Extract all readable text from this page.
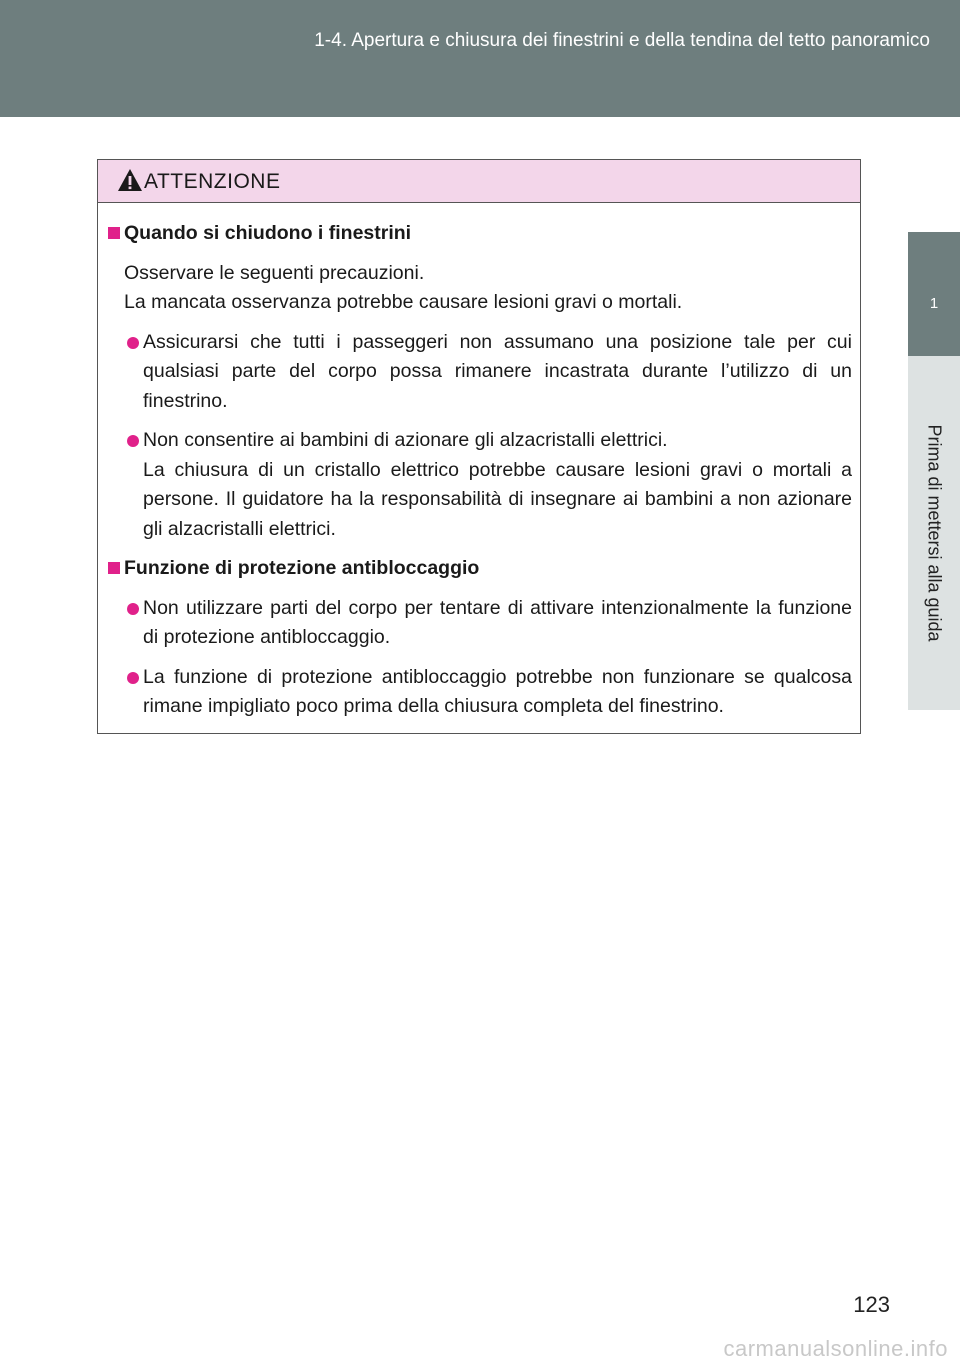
1-4. Apertura e chiusura dei finestrini e della tendina del tetto panoramico
1
Prima di mettersi alla guida
ATTENZIONE
Quando si chiudono i finestrini
Osservare le seguenti precauzioni.
La mancata osservanza potrebbe causare lesioni gravi o mortali.
Assicurarsi che tutti i passeggeri non assumano una posizione tale per cui qualsiasi parte del corpo possa rimanere incastrata durante l’utilizzo di un finestrino.
Non consentire ai bambini di azionare gli alzacristalli elettrici.
La chiusura di un cristallo elettrico potrebbe causare lesioni gravi o mortali a persone. Il guidatore ha la responsabilità di insegnare ai bambini a non azionare gli alzacristalli elettrici.
Funzione di protezione antibloccaggio
Non utilizzare parti del corpo per tentare di attivare intenzionalmente la funzione di protezione antibloccaggio.
La funzione di protezione antibloccaggio potrebbe non funzionare se qualcosa rimane impigliato poco prima della chiusura completa del finestrino.
123
carmanualsonline.info
